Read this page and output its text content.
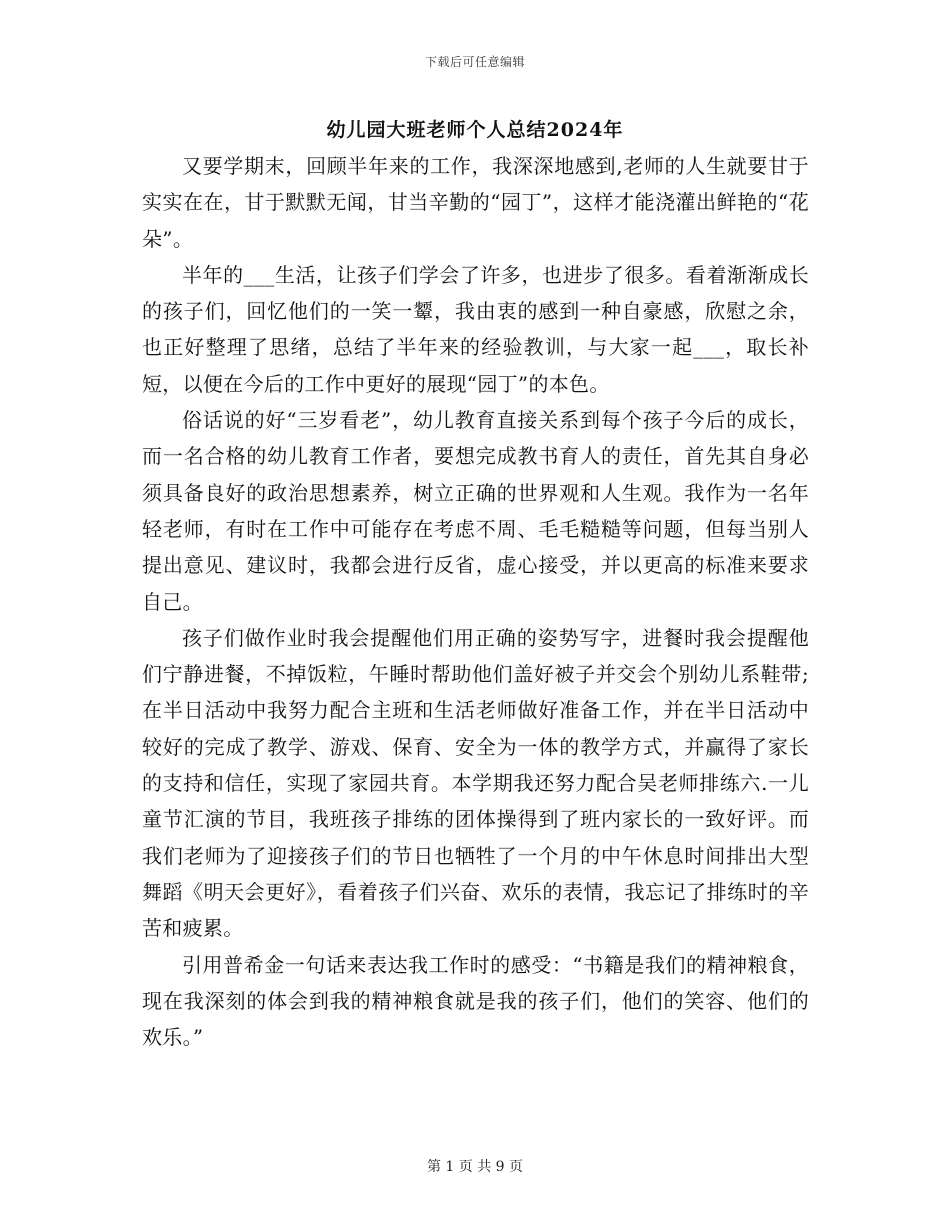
下载后可任意编辑
幼儿园大班老师个人总结2024年

又要学期末，回顾半年来的工作，我深深地感到,老师的人生就要甘于实实在在，甘于默默无闻，甘当辛勤的“园丁”，这样才能浇灌出鲜艳的“花朵”。

半年的___生活，让孩子们学会了许多，也进步了很多。看着渐渐成长的孩子们，回忆他们的一笑一颦，我由衷的感到一种自豪感，欣慰之余，也正好整理了思绪，总结了半年来的经验教训，与大家一起___，取长补短，以便在今后的工作中更好的展现“园丁”的本色。

俗话说的好“三岁看老”，幼儿教育直接关系到每个孩子今后的成长，而一名合格的幼儿教育工作者，要想完成教书育人的责任，首先其自身必须具备良好的政治思想素养，树立正确的世界观和人生观。我作为一名年轻老师，有时在工作中可能存在考虑不周、毛毛糙糙等问题，但每当别人提出意见、建议时，我都会进行反省，虚心接受，并以更高的标准来要求自己。

孩子们做作业时我会提醒他们用正确的姿势写字，进餐时我会提醒他们宁静进餐，不掉饭粒，午睡时帮助他们盖好被子并交会个别幼儿系鞋带;在半日活动中我努力配合主班和生活老师做好准备工作，并在半日活动中较好的完成了教学、游戏、保育、安全为一体的教学方式，并赢得了家长的支持和信任，实现了家园共育。本学期我还努力配合吴老师排练六.一儿童节汇演的节目，我班孩子排练的团体操得到了班内家长的一致好评。而我们老师为了迎接孩子们的节日也牺牲了一个月的中午休息时间排出大型舞蹈《明天会更好》，看着孩子们兴奋、欢乐的表情，我忘记了排练时的辛苦和疲累。

引用普希金一句话来表达我工作时的感受：“书籍是我们的精神粮食，现在我深刻的体会到我的精神粮食就是我的孩子们，他们的笑容、他们的欢乐。”

第 1 页 共 9 页
